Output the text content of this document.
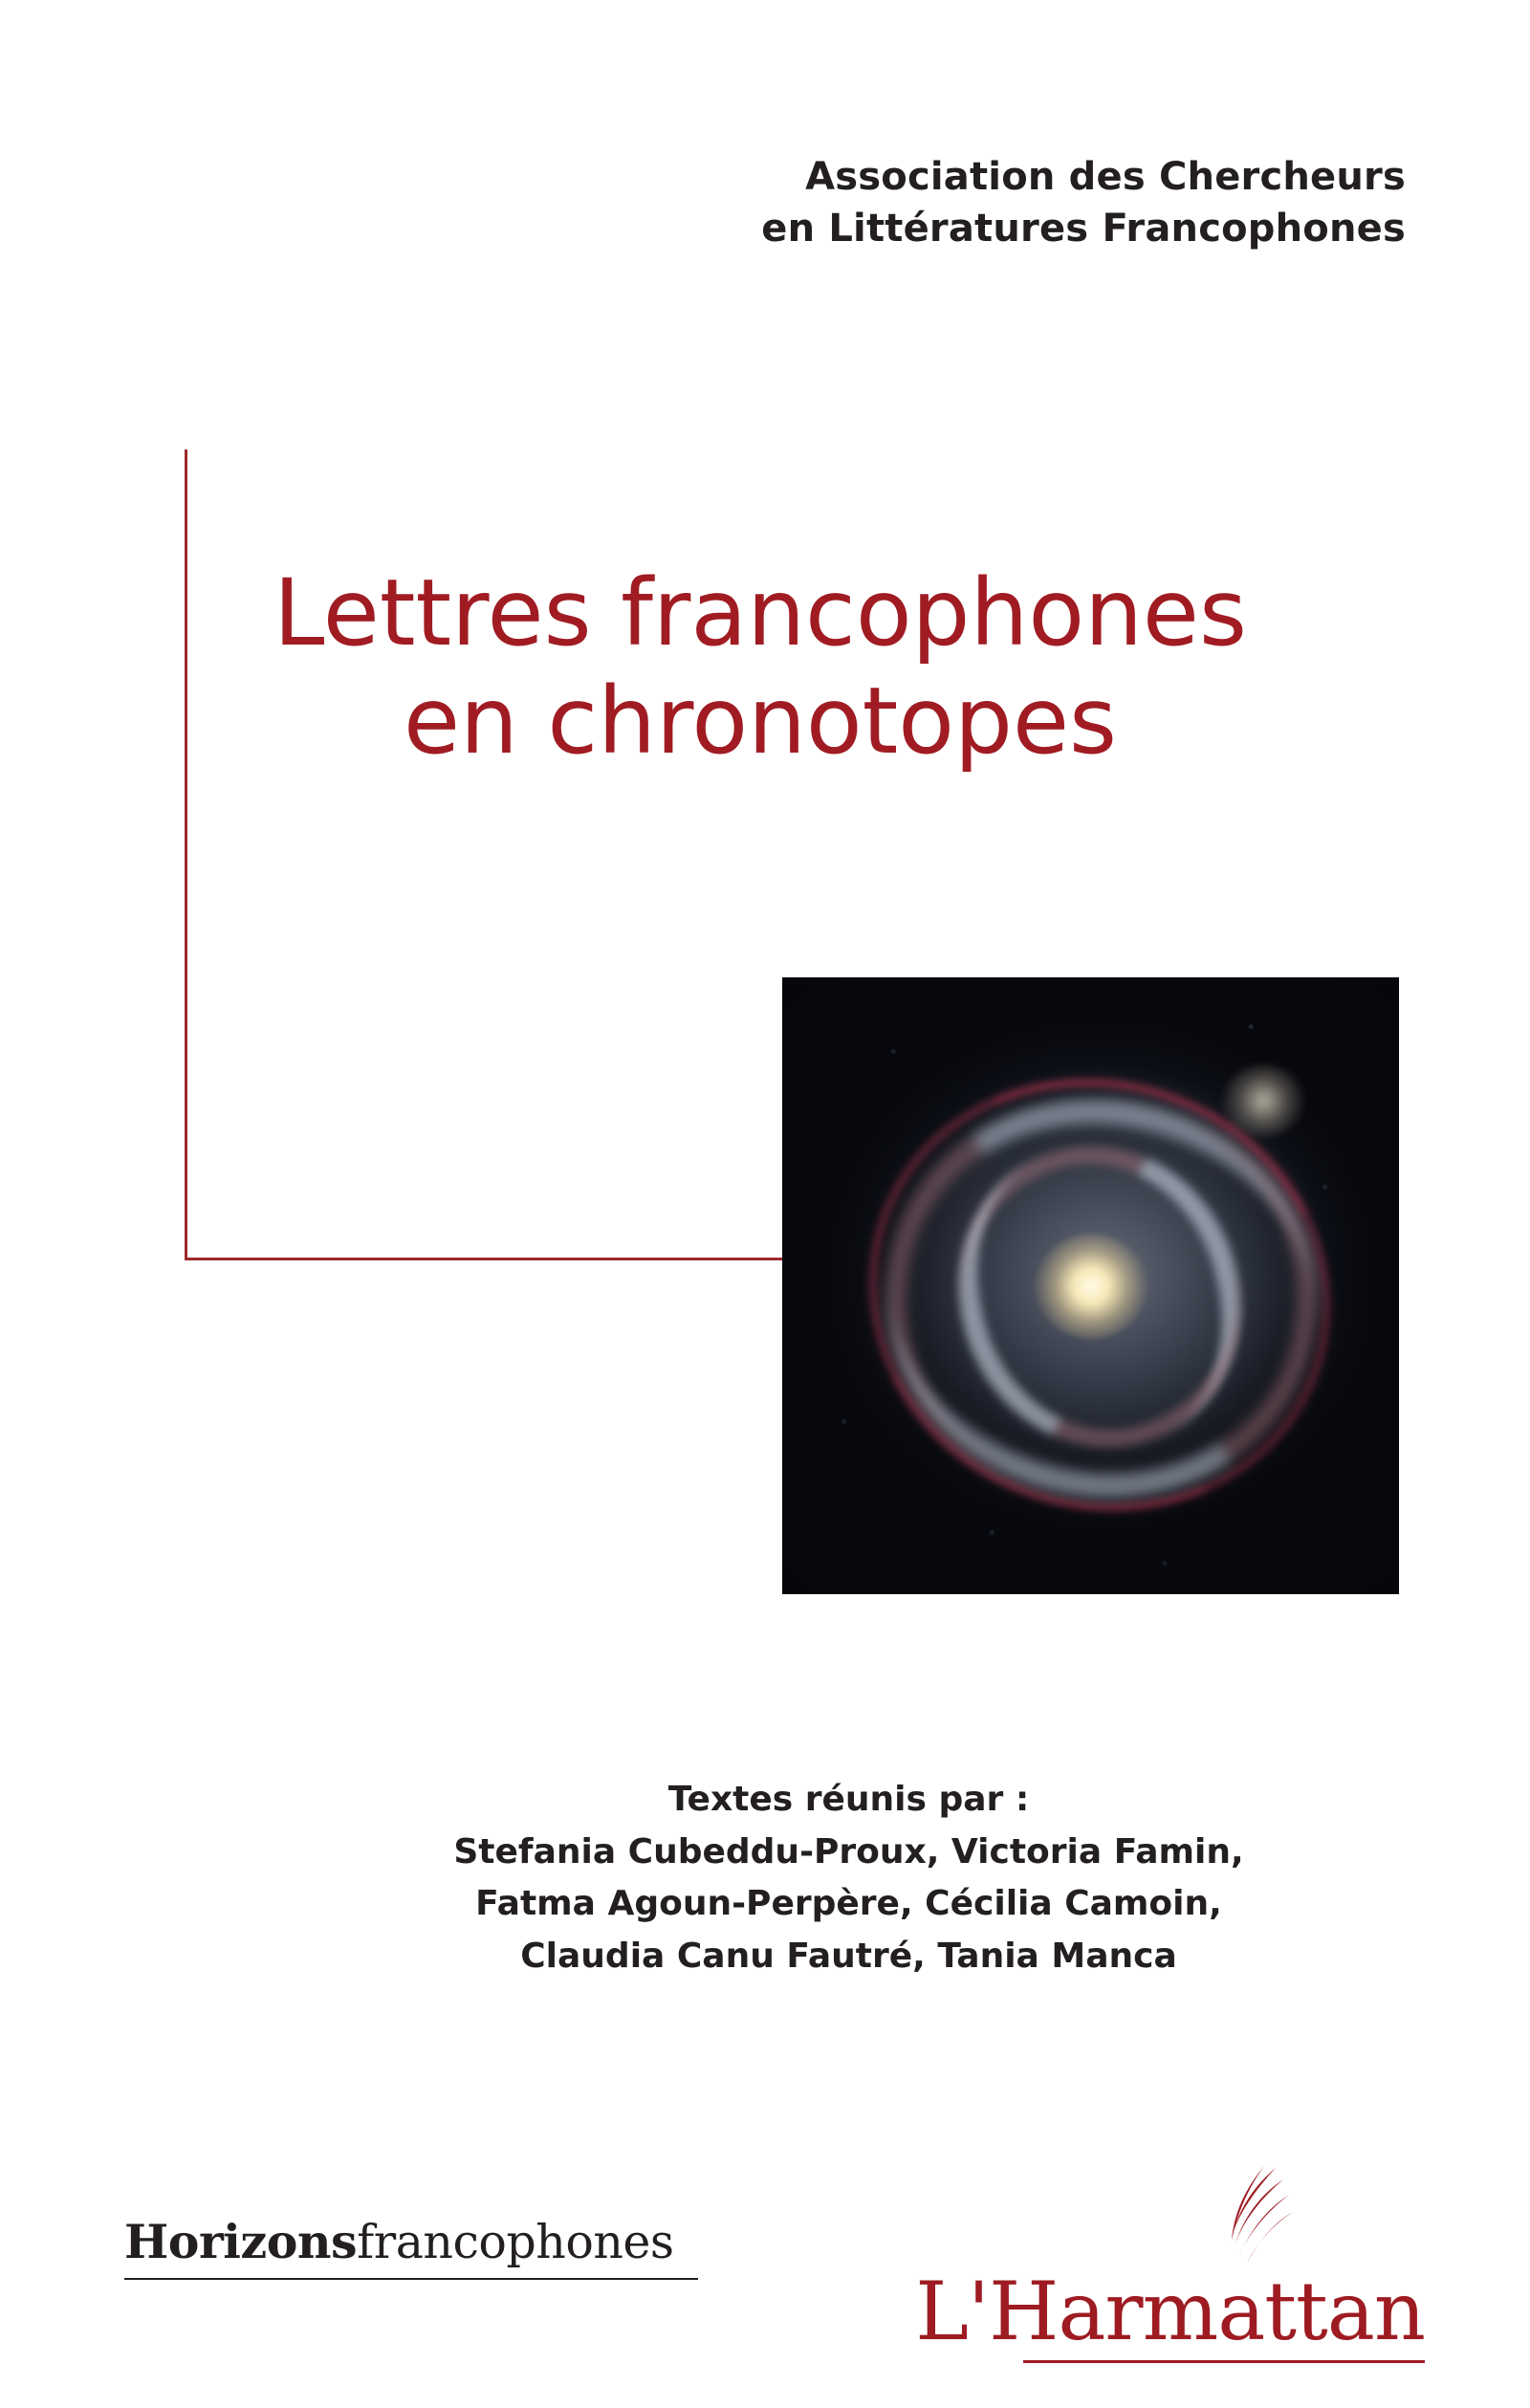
Association des Chercheurs
en Littératures Francophones
Lettres francophones
en chronotopes
Textes réunis par :
Stefania Cubeddu-Proux, Victoria Famin,
Fatma Agoun-Perpère, Cécilia Camoin,
Claudia Canu Fautré, Tania Manca
Horizonsfrancophones
L'Harmattan
